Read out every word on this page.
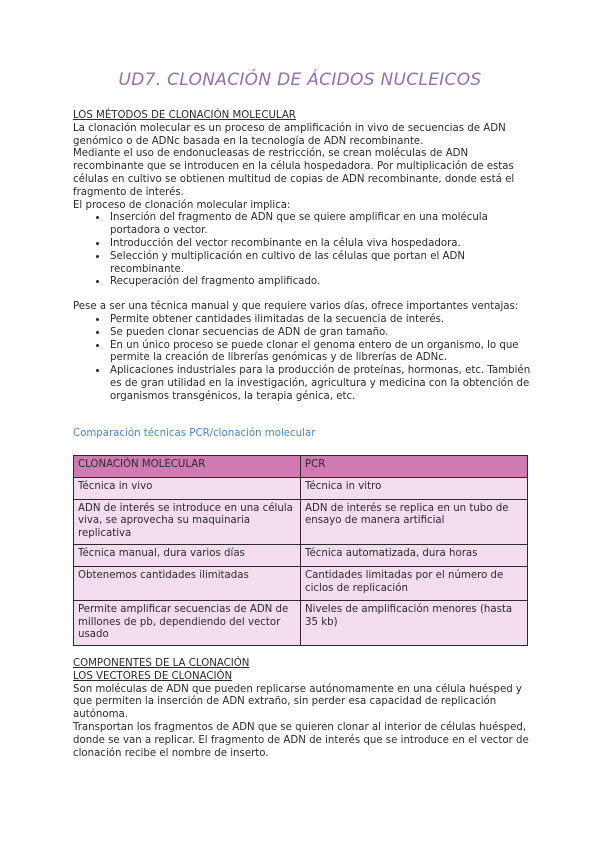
UD7. CLONACIÓN DE ÁCIDOS NUCLEICOS

LOS MÉTODOS DE CLONACIÓN MOLECULAR

La clonación molecular es un proceso de amplificación in vivo de secuencias de ADN genómico o de ADNc basada en la tecnología de ADN recombinante.

Mediante el uso de endonucleasas de restricción, se crean moléculas de ADN recombinante que se introducen en la célula hospedadora. Por multiplicación de estas células en cultivo se obtienen multitud de copias de ADN recombinante, donde está el fragmento de interés.

El proceso de clonación molecular implica:

• Inserción del fragmento de ADN que se quiere amplificar en una molécula portadora o vector.
• Introducción del vector recombinante en la célula viva hospedadora.
• Selección y multiplicación en cultivo de las células que portan el ADN recombinante.
• Recuperación del fragmento amplificado.

Pese a ser una técnica manual y que requiere varios días, ofrece importantes ventajas:

• Permite obtener cantidades ilimitadas de la secuencia de interés.
• Se pueden clonar secuencias de ADN de gran tamaño.
• En un único proceso se puede clonar el genoma entero de un organismo, lo que permite la creación de librerías genómicas y de librerías de ADNc.
• Aplicaciones industriales para la producción de proteínas, hormonas, etc. También es de gran utilidad en la investigación, agricultura y medicina con la obtención de organismos transgénicos, la terapia génica, etc.
Comparación técnicas PCR/clonación molecular
CLONACIÓN MOLECULAR	PCR
Técnica in vivo	Técnica in vitro
ADN de interés se introduce en una célula viva, se aprovecha su maquinaria replicativa	ADN de interés se replica en un tubo de ensayo de manera artificial
Técnica manual, dura varios días	Técnica automatizada, dura horas
Obtenemos cantidades ilimitadas	Cantidades limitadas por el número de ciclos de replicación
Permite amplificar secuencias de ADN de millones de pb, dependiendo del vector usado	Niveles de amplificación menores (hasta 35 kb)

COMPONENTES DE LA CLONACIÓN

LOS VECTORES DE CLONACIÓN

Son moléculas de ADN que pueden replicarse autónomamente en una célula huésped y que permiten la inserción de ADN extraño, sin perder esa capacidad de replicación autónoma.

Transportan los fragmentos de ADN que se quieren clonar al interior de células huésped, donde se van a replicar. El fragmento de ADN de interés que se introduce en el vector de clonación recibe el nombre de inserto.
